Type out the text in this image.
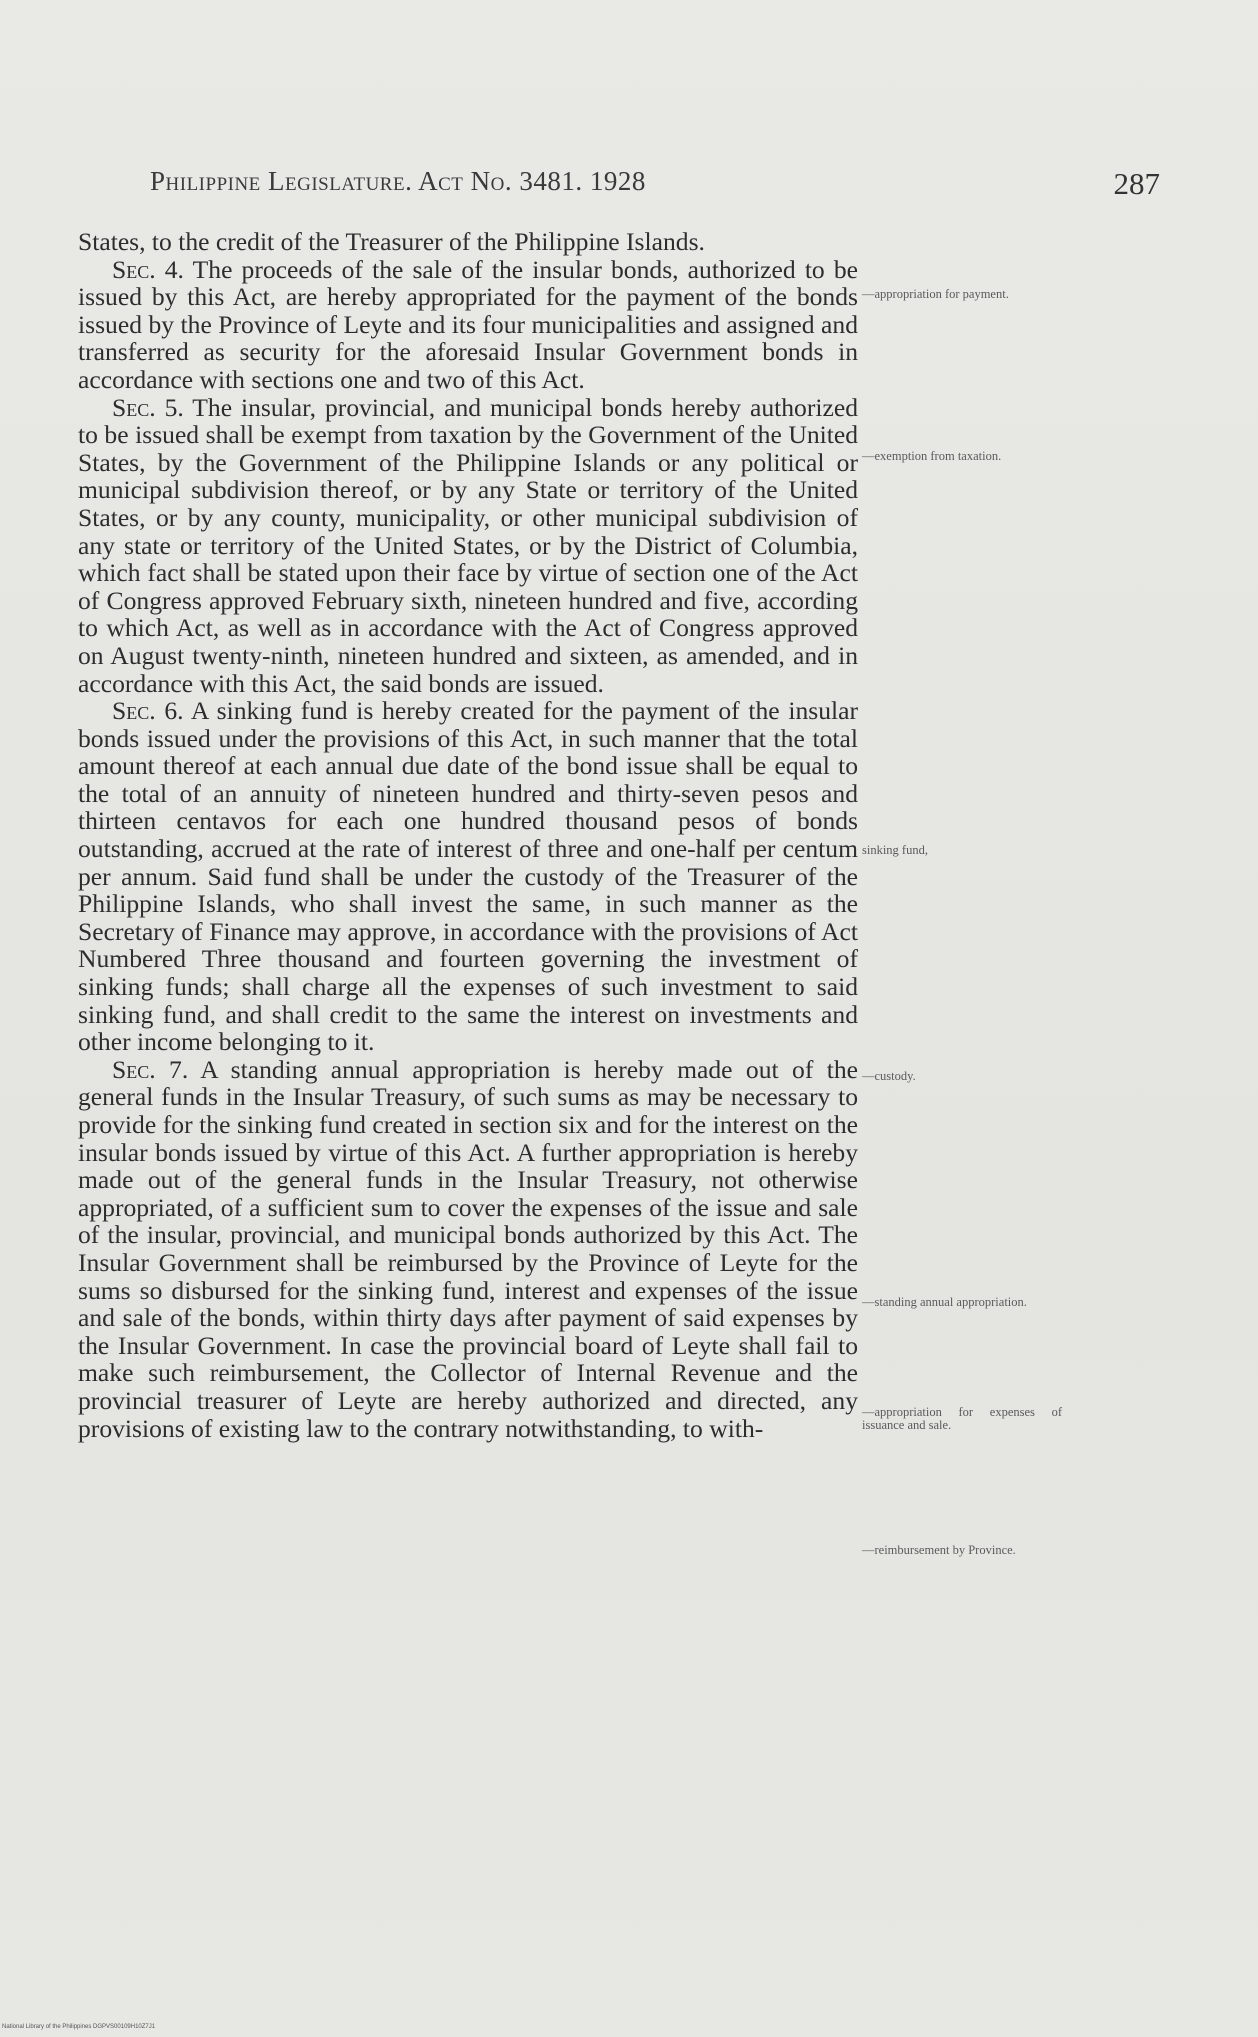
Philippine Legislature. Act No. 3481. 1928	287

States, to the credit of the Treasurer of the Philippine Islands.

Sec. 4. The proceeds of the sale of the insular bonds, authorized to be issued by this Act, are hereby appropriated for the payment of the bonds issued by the Province of Leyte and its four municipalities and assigned and transferred as security for the aforesaid Insular Government bonds in accordance with sections one and two of this Act.

Sec. 5. The insular, provincial, and municipal bonds hereby authorized to be issued shall be exempt from taxation by the Government of the United States, by the Government of the Philippine Islands or any political or municipal subdivision thereof, or by any State or territory of the United States, or by any county, municipality, or other municipal subdivision of any state or territory of the United States, or by the District of Columbia, which fact shall be stated upon their face by virtue of section one of the Act of Congress approved February sixth, nineteen hundred and five, according to which Act, as well as in accordance with the Act of Congress approved on August twenty-ninth, nineteen hundred and sixteen, as amended, and in accordance with this Act, the said bonds are issued.

Sec. 6. A sinking fund is hereby created for the payment of the insular bonds issued under the provisions of this Act, in such manner that the total amount thereof at each annual due date of the bond issue shall be equal to the total of an annuity of nineteen hundred and thirty-seven pesos and thirteen centavos for each one hundred thousand pesos of bonds outstanding, accrued at the rate of interest of three and one-half per centum per annum. Said fund shall be under the custody of the Treasurer of the Philippine Islands, who shall invest the same, in such manner as the Secretary of Finance may approve, in accordance with the provisions of Act Numbered Three thousand and fourteen governing the investment of sinking funds; shall charge all the expenses of such investment to said sinking fund, and shall credit to the same the interest on investments and other income belonging to it.

Sec. 7. A standing annual appropriation is hereby made out of the general funds in the Insular Treasury, of such sums as may be necessary to provide for the sinking fund created in section six and for the interest on the insular bonds issued by virtue of this Act. A further appropriation is hereby made out of the general funds in the Insular Treasury, not otherwise appropriated, of a sufficient sum to cover the expenses of the issue and sale of the insular, provincial, and municipal bonds authorized by this Act. The Insular Government shall be reimbursed by the Province of Leyte for the sums so disbursed for the sinking fund, interest and expenses of the issue and sale of the bonds, within thirty days after payment of said expenses by the Insular Government. In case the provincial board of Leyte shall fail to make such reimbursement, the Collector of Internal Revenue and the provincial treasurer of Leyte are hereby authorized and directed, any provisions of existing law to the contrary notwithstanding, to with-

—appropriation for payment.
—exemption from taxation.
sinking fund,
—custody.
—standing annual appropriation.
—appropriation for expenses of issuance and sale.
—reimbursement by Province.
National Library of the Philippines DGPVS00109H10Z7J1
